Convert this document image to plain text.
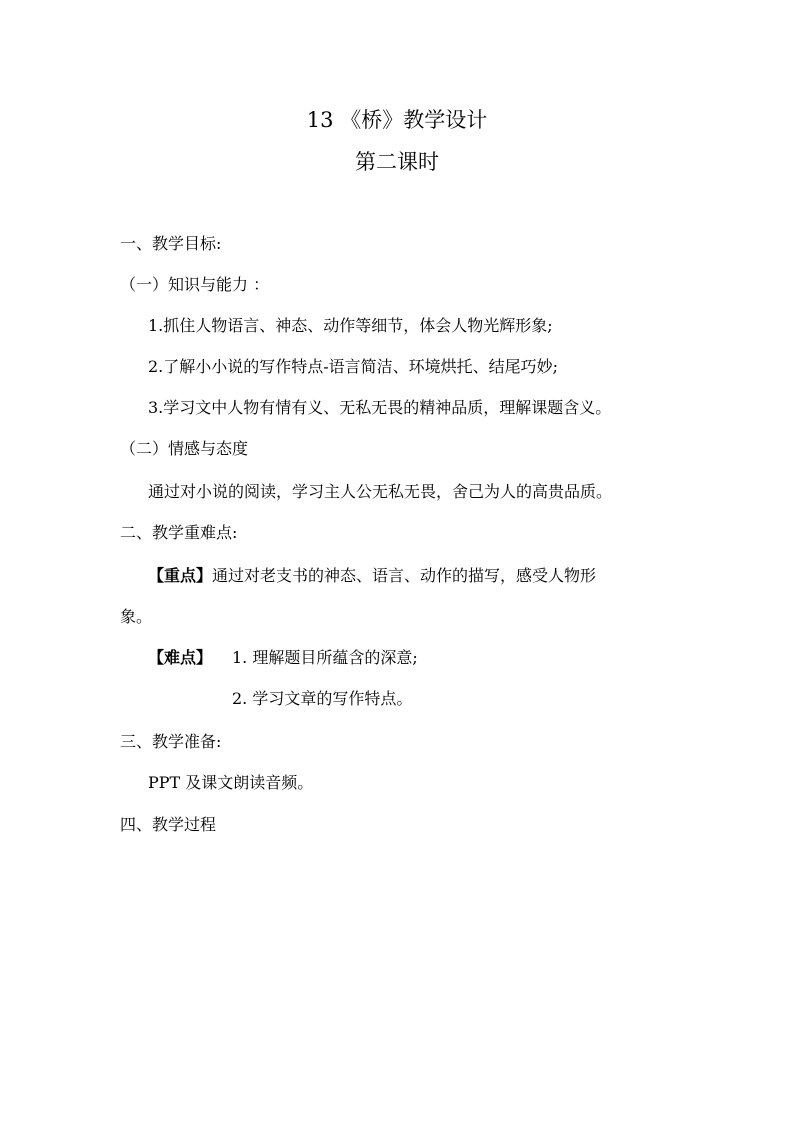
13 《桥》教学设计
第二课时
一、教学目标:
（一）知识与能力 ：
1.抓住人物语言、神态、动作等细节，体会人物光辉形象;
2.了解小小说的写作特点-语言简洁、环境烘托、结尾巧妙;
3.学习文中人物有情有义、无私无畏的精神品质，理解课题含义。
（二）情感与态度
通过对小说的阅读，学习主人公无私无畏，舍己为人的高贵品质。
二、教学重难点:
【重点】通过对老支书的神态、语言、动作的描写，感受人物形
象。
【难点】 1. 理解题目所蕴含的深意;
2. 学习文章的写作特点。
三、教学准备:
PPT 及课文朗读音频。
四、教学过程
